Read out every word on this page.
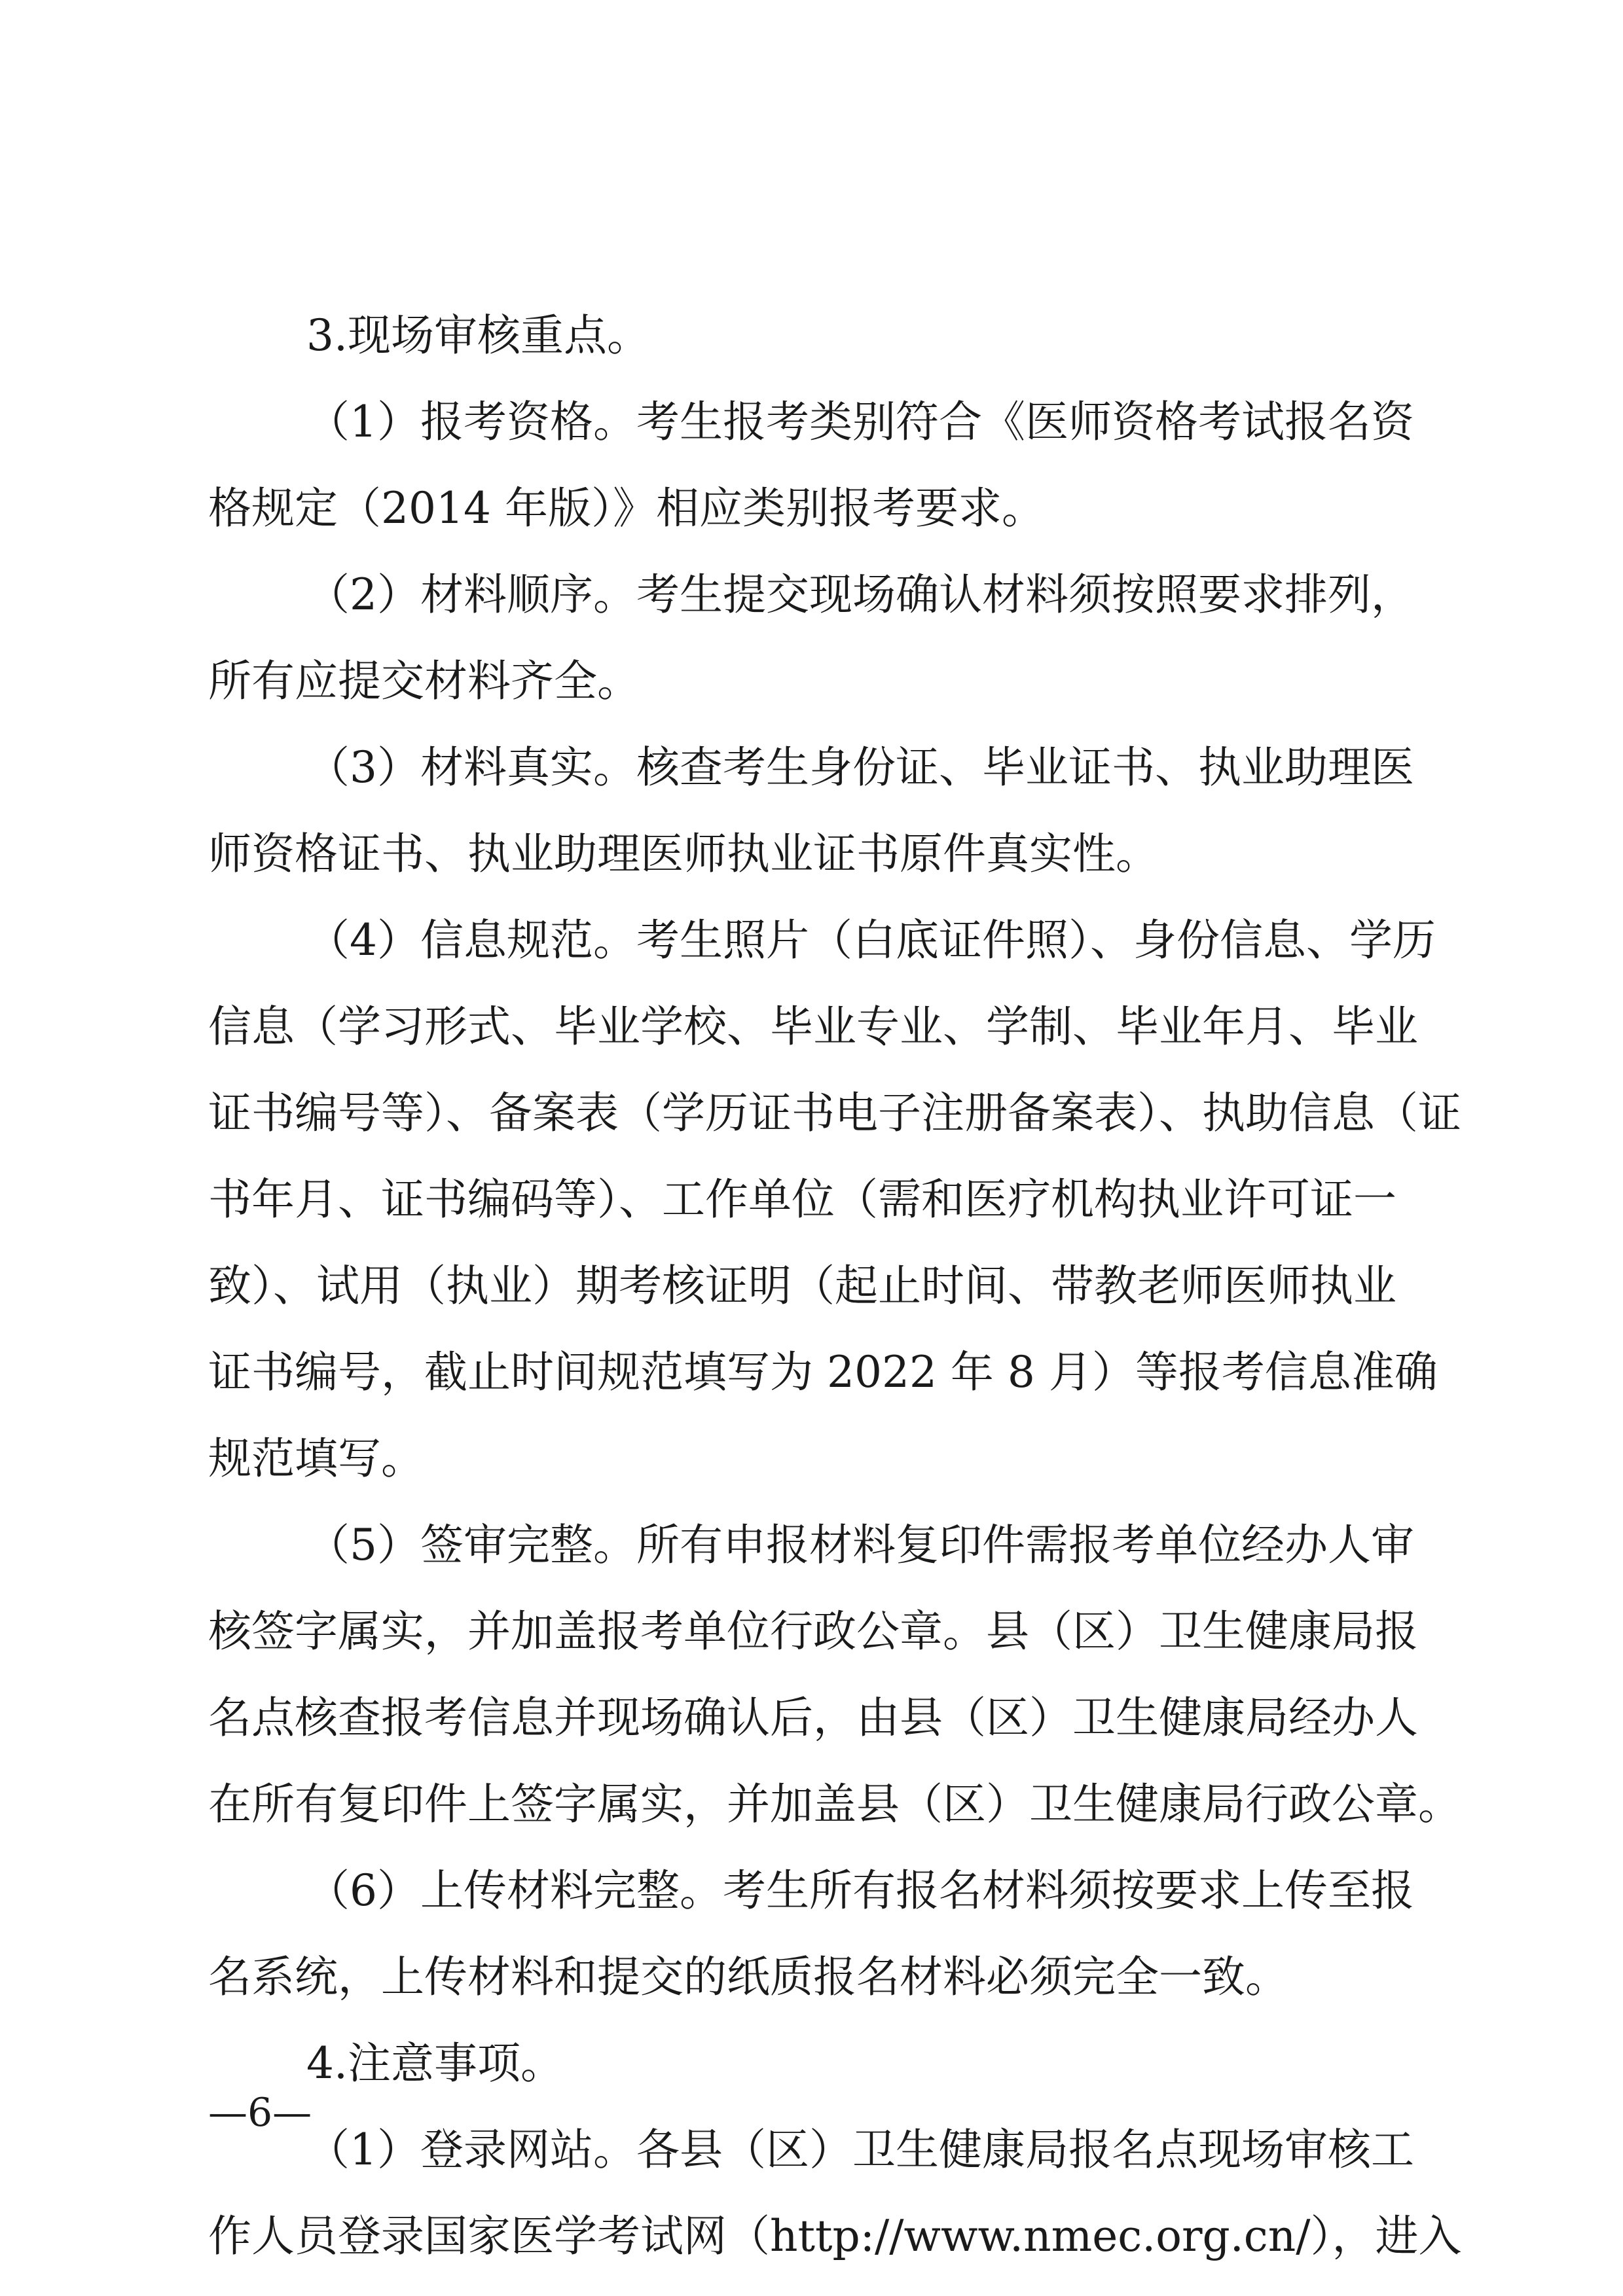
3.现场审核重点。
（1）报考资格。考生报考类别符合《医师资格考试报名资
格规定（2014 年版）》相应类别报考要求。
（2）材料顺序。考生提交现场确认材料须按照要求排列，
所有应提交材料齐全。
（3）材料真实。核查考生身份证、毕业证书、执业助理医
师资格证书、执业助理医师执业证书原件真实性。
（4）信息规范。考生照片（白底证件照）、身份信息、学历
信息（学习形式、毕业学校、毕业专业、学制、毕业年月、毕业
证书编号等）、备案表（学历证书电子注册备案表）、执助信息（证
书年月、证书编码等）、工作单位（需和医疗机构执业许可证一
致）、试用（执业）期考核证明（起止时间、带教老师医师执业
证书编号，截止时间规范填写为 2022 年 8 月）等报考信息准确
规范填写。
（5）签审完整。所有申报材料复印件需报考单位经办人审
核签字属实，并加盖报考单位行政公章。县（区）卫生健康局报
名点核查报考信息并现场确认后，由县（区）卫生健康局经办人
在所有复印件上签字属实，并加盖县（区）卫生健康局行政公章。
（6）上传材料完整。考生所有报名材料须按要求上传至报
名系统，上传材料和提交的纸质报名材料必须完全一致。
4.注意事项。
（1）登录网站。各县（区）卫生健康局报名点现场审核工
作人员登录国家医学考试网（http://www.nmec.org.cn/），进入
—6—
